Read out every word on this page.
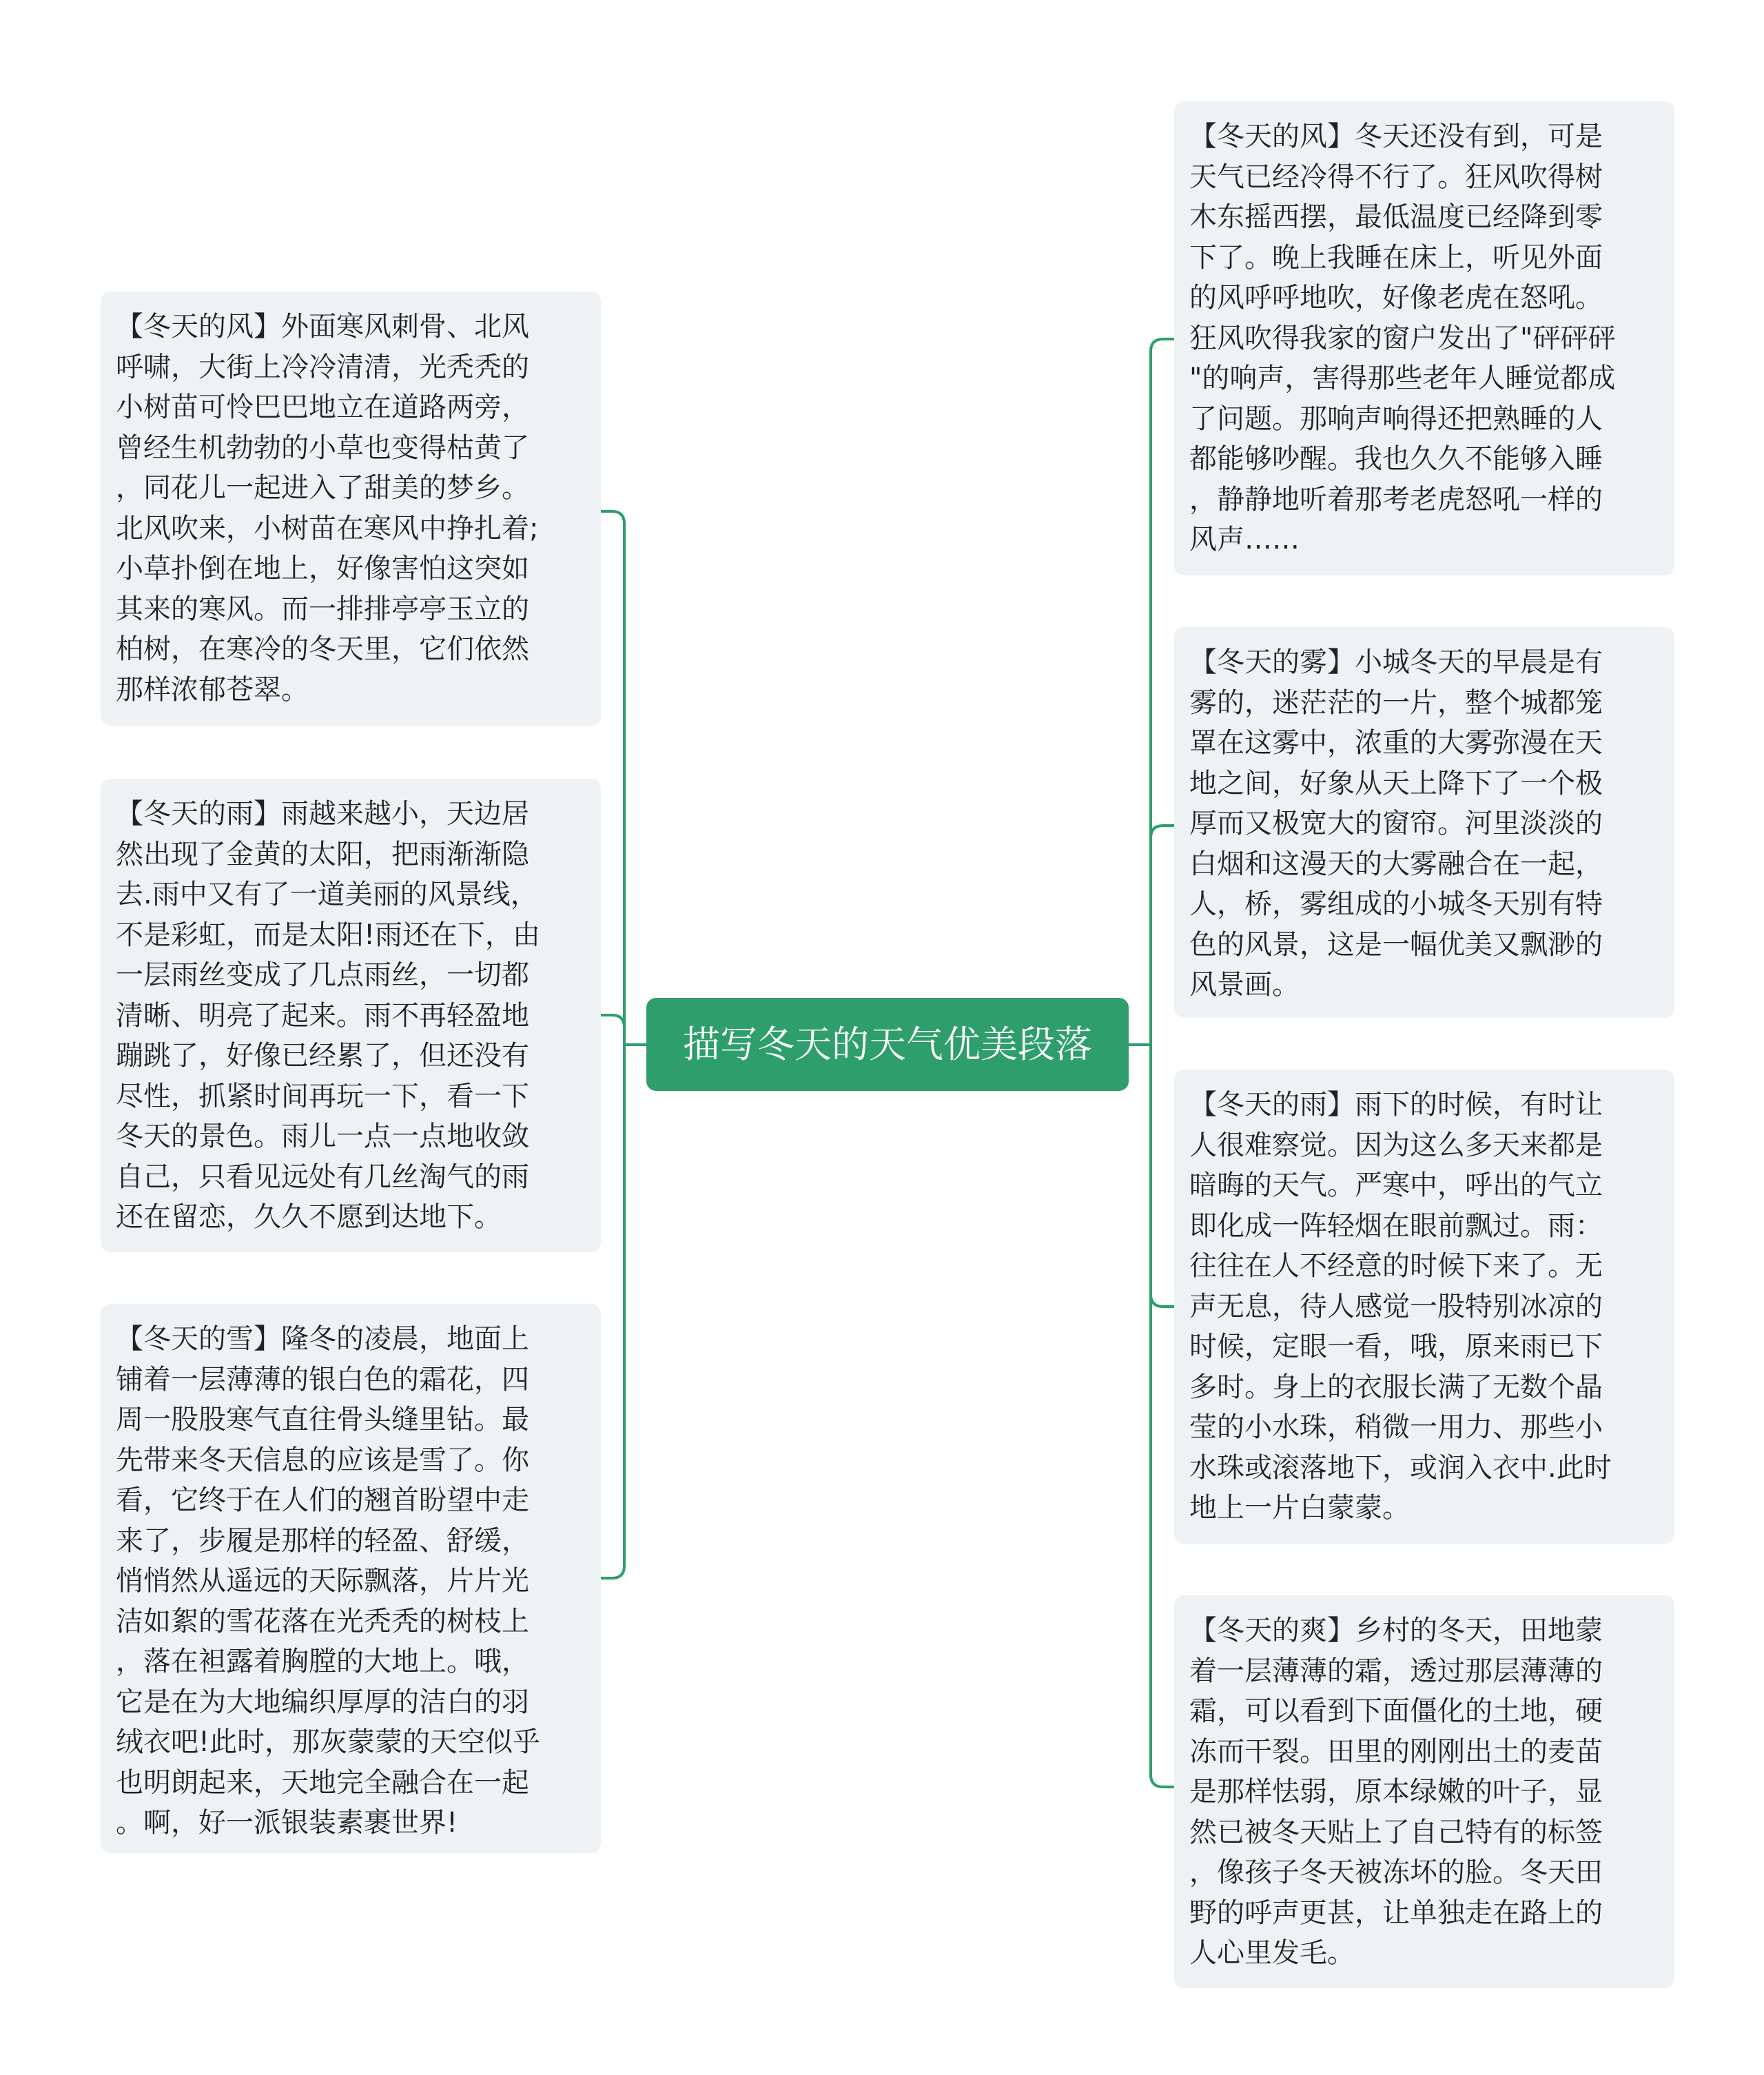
描写冬天的天气优美段落
【冬天的风】外面寒风刺骨、北风
呼啸，大街上冷冷清清，光秃秃的
小树苗可怜巴巴地立在道路两旁，
曾经生机勃勃的小草也变得枯黄了
，同花儿一起进入了甜美的梦乡。
北风吹来，小树苗在寒风中挣扎着;
小草扑倒在地上，好像害怕这突如
其来的寒风。而一排排亭亭玉立的
柏树，在寒冷的冬天里，它们依然
那样浓郁苍翠。
【冬天的雨】雨越来越小，天边居
然出现了金黄的太阳，把雨渐渐隐
去.雨中又有了一道美丽的风景线，
不是彩虹，而是太阳!雨还在下，由
一层雨丝变成了几点雨丝，一切都
清晰、明亮了起来。雨不再轻盈地
蹦跳了，好像已经累了，但还没有
尽性，抓紧时间再玩一下，看一下
冬天的景色。雨儿一点一点地收敛
自己，只看见远处有几丝淘气的雨
还在留恋，久久不愿到达地下。
【冬天的雪】隆冬的凌晨，地面上
铺着一层薄薄的银白色的霜花，四
周一股股寒气直往骨头缝里钻。最
先带来冬天信息的应该是雪了。你
看，它终于在人们的翘首盼望中走
来了，步履是那样的轻盈、舒缓，
悄悄然从遥远的天际飘落，片片光
洁如絮的雪花落在光秃秃的树枝上
，落在袒露着胸膛的大地上。哦，
它是在为大地编织厚厚的洁白的羽
绒衣吧!此时，那灰蒙蒙的天空似乎
也明朗起来，天地完全融合在一起
。啊，好一派银装素裹世界!
【冬天的风】冬天还没有到，可是
天气已经冷得不行了。狂风吹得树
木东摇西摆，最低温度已经降到零
下了。晚上我睡在床上，听见外面
的风呼呼地吹，好像老虎在怒吼。
狂风吹得我家的窗户发出了"砰砰砰
"的响声，害得那些老年人睡觉都成
了问题。那响声响得还把熟睡的人
都能够吵醒。我也久久不能够入睡
，静静地听着那考老虎怒吼一样的
风声……
【冬天的雾】小城冬天的早晨是有
雾的，迷茫茫的一片，整个城都笼
罩在这雾中，浓重的大雾弥漫在天
地之间，好象从天上降下了一个极
厚而又极宽大的窗帘。河里淡淡的
白烟和这漫天的大雾融合在一起，
人，桥，雾组成的小城冬天别有特
色的风景，这是一幅优美又飘渺的
风景画。
【冬天的雨】雨下的时候，有时让
人很难察觉。因为这么多天来都是
暗晦的天气。严寒中，呼出的气立
即化成一阵轻烟在眼前飘过。雨：
往往在人不经意的时候下来了。无
声无息，待人感觉一股特别冰凉的
时候，定眼一看，哦，原来雨已下
多时。身上的衣服长满了无数个晶
莹的小水珠，稍微一用力、那些小
水珠或滚落地下，或润入衣中.此时
地上一片白蒙蒙。
【冬天的爽】乡村的冬天，田地蒙
着一层薄薄的霜，透过那层薄薄的
霜，可以看到下面僵化的土地，硬
冻而干裂。田里的刚刚出土的麦苗
是那样怯弱，原本绿嫩的叶子，显
然已被冬天贴上了自己特有的标签
，像孩子冬天被冻坏的脸。冬天田
野的呼声更甚，让单独走在路上的
人心里发毛。
